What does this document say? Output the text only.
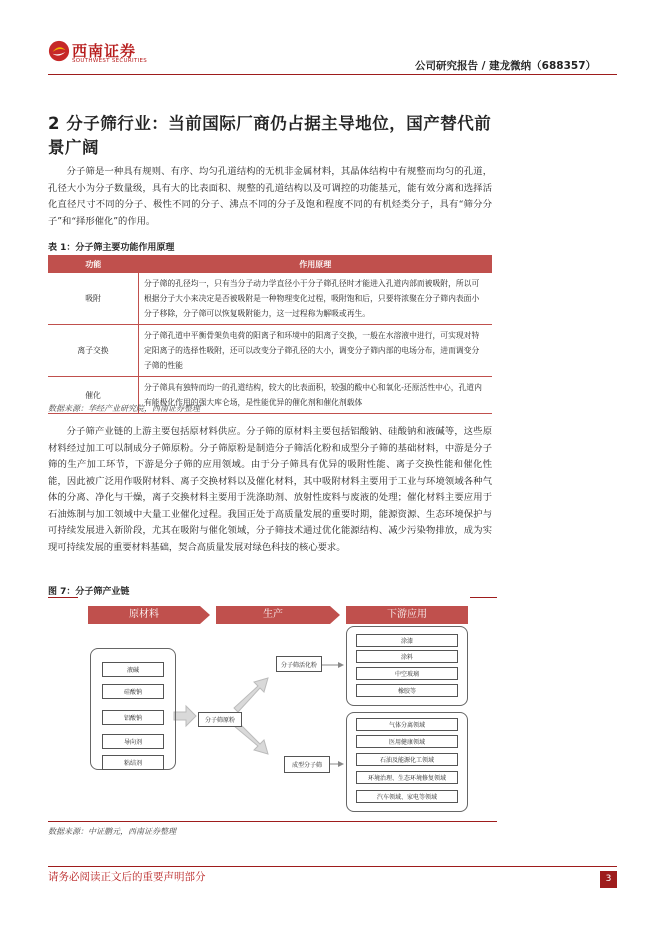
西南证券
SOUTHWEST SECURITIES	公司研究报告 / 建龙微纳（688357）
2 分子筛行业：当前国际厂商仍占据主导地位，国产替代前景广阔
分子筛是一种具有规则、有序、均匀孔道结构的无机非金属材料，其晶体结构中有规整而均匀的孔道，孔径大小为分子数量级，具有大的比表面积、规整的孔道结构以及可调控的功能基元，能有效分离和选择活化直径尺寸不同的分子、极性不同的分子、沸点不同的分子及饱和程度不同的有机烃类分子，具有“筛分分子”和“择形催化”的作用。
表 1：分子筛主要功能作用原理
功能	作用原理
吸附	分子筛的孔径均一，只有当分子动力学直径小于分子筛孔径时才能进入孔道内部而被吸附，所以可根据分子大小来决定是否被吸附是一种物理变化过程，吸附饱和后，只要将浓聚在分子筛内表面小分子移除，分子筛可以恢复吸附能力，这一过程称为解吸或再生。
离子交换	分子筛孔道中平衡骨架负电荷的阳离子和环境中的阳离子交换，一般在水溶液中进行，可实现对特定阳离子的选择性吸附，还可以改变分子筛孔径的大小，调变分子筛内部的电场分布，进而调变分子筛的性能
催化	分子筛具有独特而均一的孔道结构，较大的比表面积，较强的酸中心和氧化-还原活性中心，孔道内有能极化作用的强大库仑场，是性能优异的催化剂和催化剂载体
数据来源：华经产业研究院，西南证券整理
分子筛产业链的上游主要包括原材料供应。分子筛的原材料主要包括铝酸钠、硅酸钠和液碱等，这些原材料经过加工可以制成分子筛原粉。分子筛原粉是制造分子筛活化粉和成型分子筛的基础材料，中游是分子筛的生产加工环节，下游是分子筛的应用领域。由于分子筛具有优异的吸附性能、离子交换性能和催化性能，因此被广泛用作吸附材料、离子交换材料以及催化材料，其中吸附材料主要用于工业与环境领域各种气体的分离、净化与干燥，离子交换材料主要用于洗涤助剂、放射性废料与废液的处理；催化材料主要应用于石油炼制与加工领域中大量工业催化过程。我国正处于高质量发展的重要时期，能源资源、生态环境保护与可持续发展进入新阶段，尤其在吸附与催化领域，分子筛技术通过优化能源结构、减少污染物排放，成为实现可持续发展的重要材料基础，契合高质量发展对绿色科技的核心要求。
图 7：分子筛产业链
原材料	生产	下游应用
液碱
硅酸钠
铝酸钠
导向剂
粘结剂
分子筛原粉
分子筛活化粉
成型分子筛
涂漆
涂料
中空玻璃
橡胶等
气体分离领域
医用健康领域
石油及能源化工领域
环境治理、生态环境修复领域
汽车领域、家电等领域
数据来源：中证鹏元，西南证券整理
请务必阅读正文后的重要声明部分	3
